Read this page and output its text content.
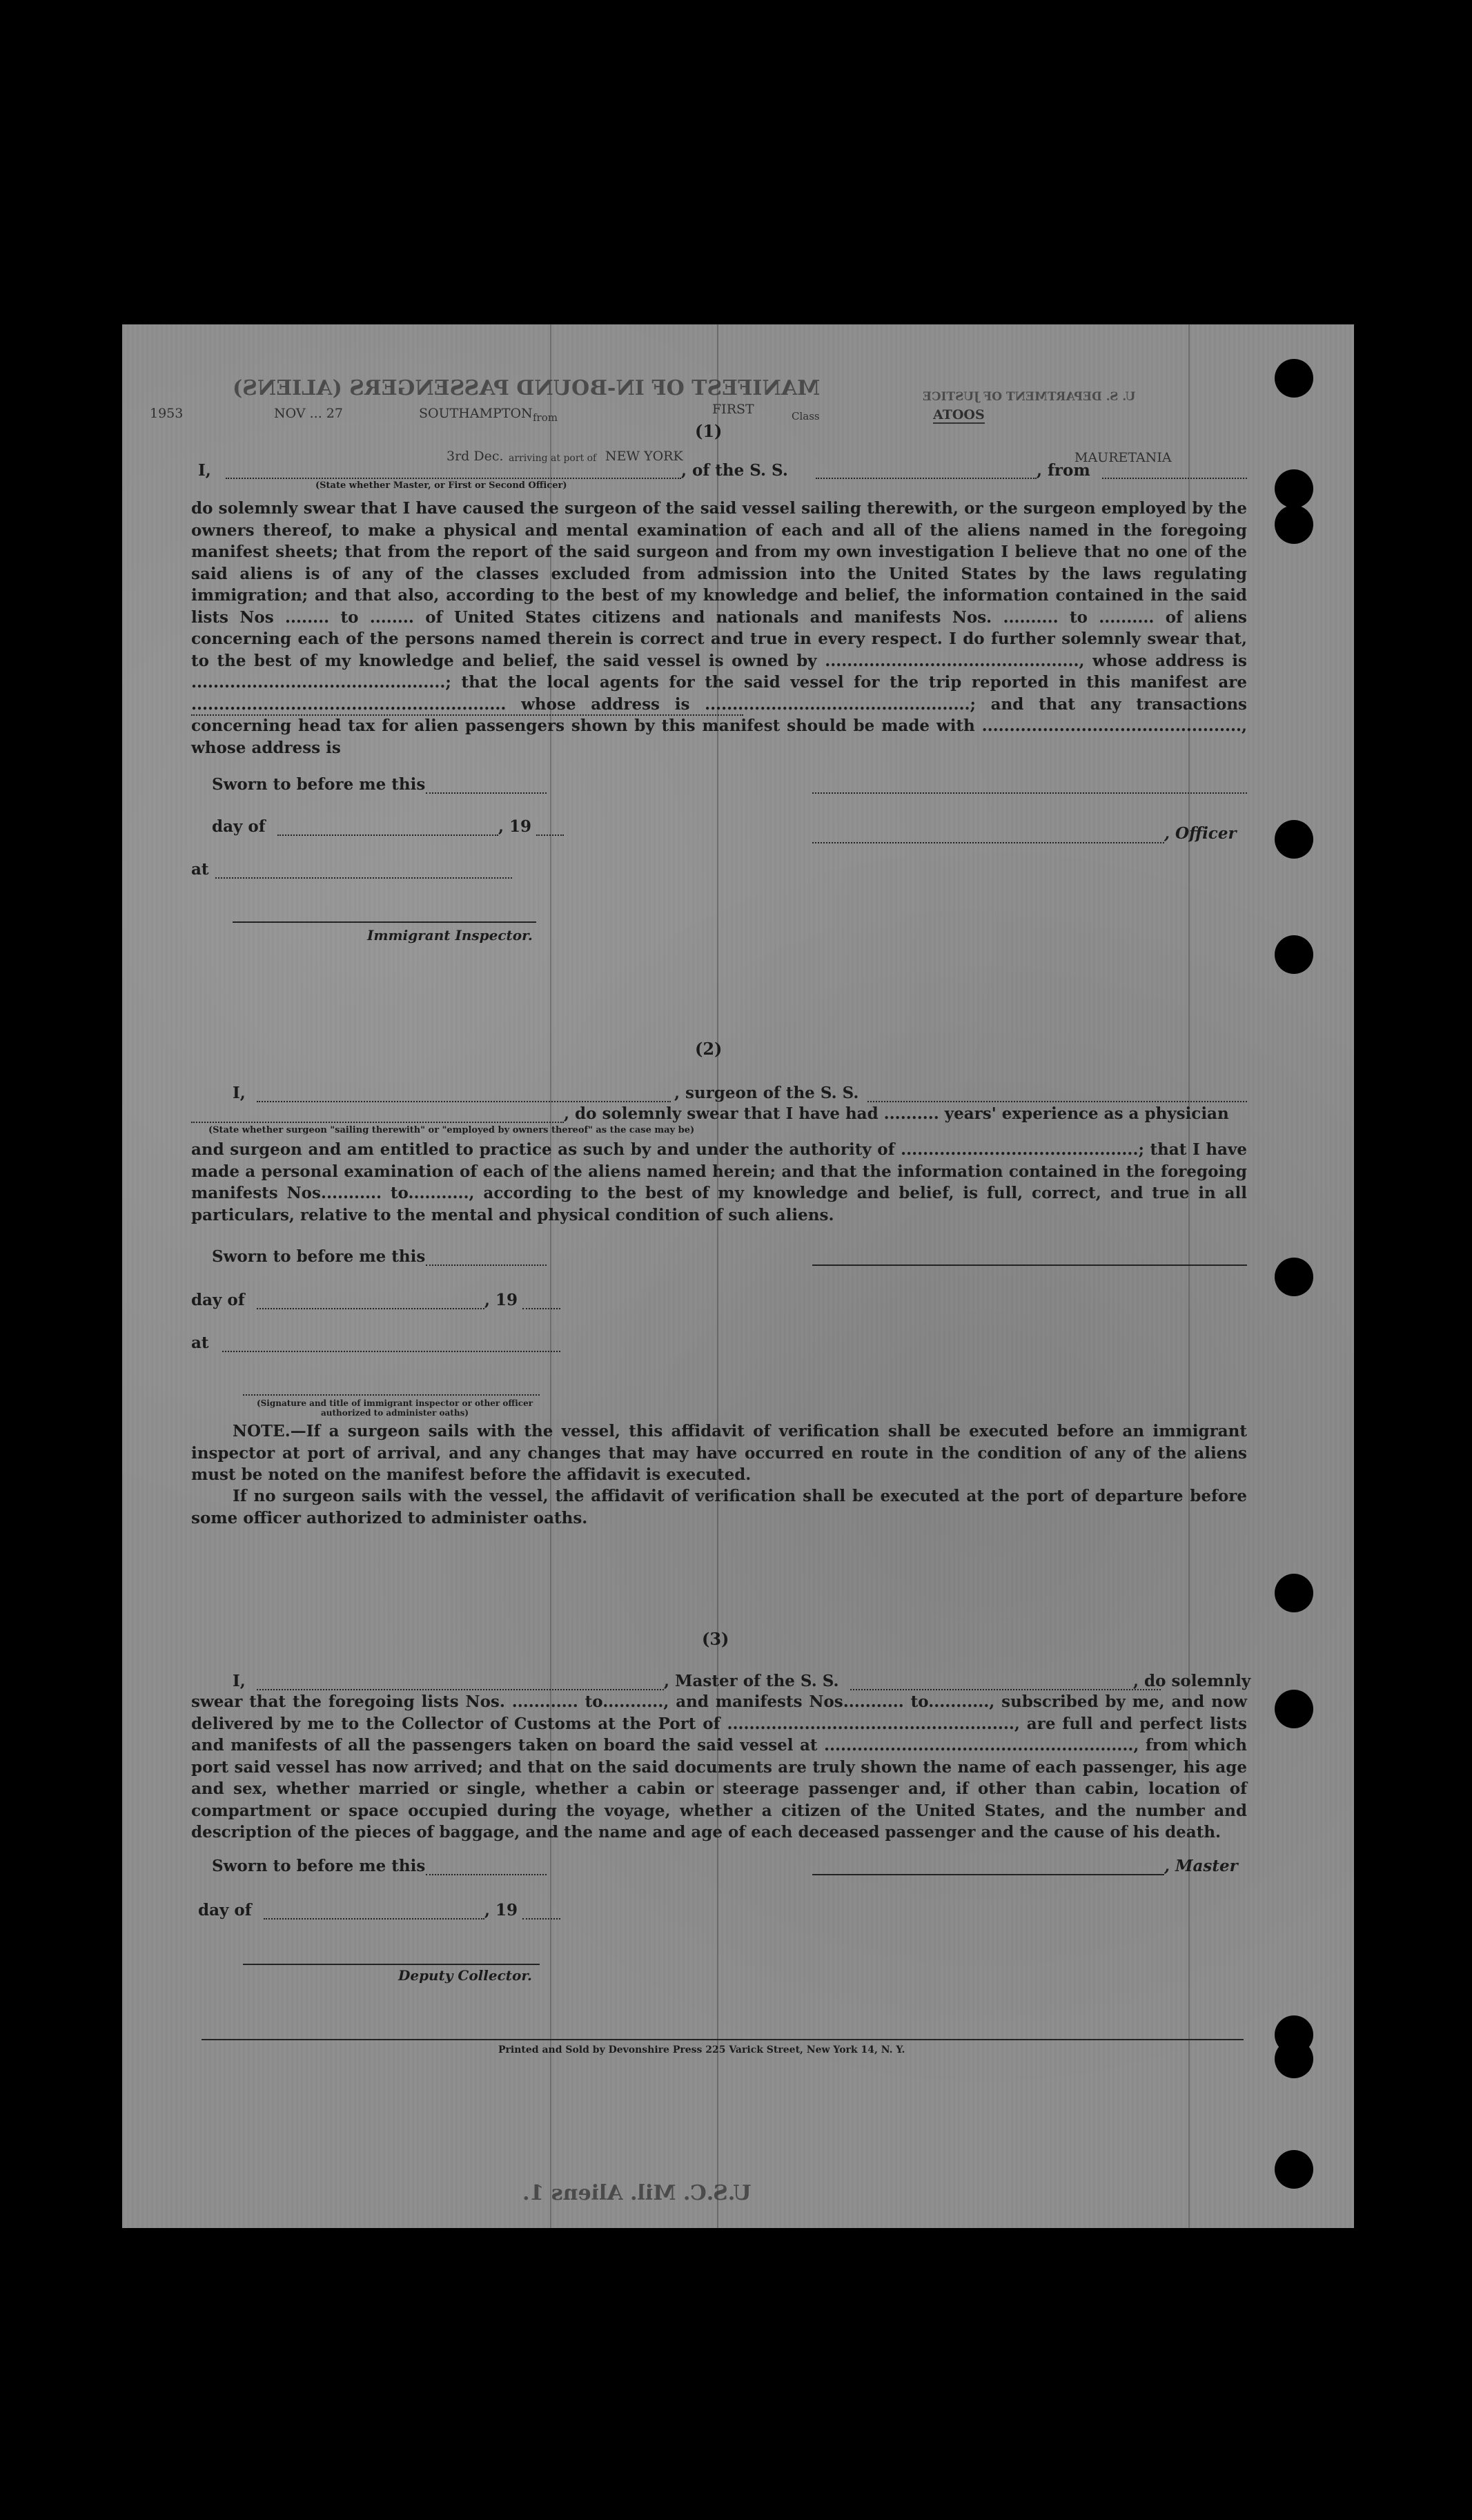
MANIFEST OF IN-BOUND PASSENGERS (ALIENS)	U. S. DEPARTMENT OF JUSTICE
1953	NOV ... 27	from
SOUTHAMPTON	FIRST	Class	ATOOS
(1)
MAURETANIA
3rd Dec. arriving at port of NEW YORK
I,
(State whether Master, or First or Second Officer)
, of the S. S.	, from
do solemnly swear that I have caused the surgeon of the said vessel sailing therewith, or the surgeon employed by the owners thereof, to make a physical and mental examination of each and all of the aliens named in the foregoing manifest sheets; that from the report of the said surgeon and from my own investigation I believe that no one of the said aliens is of any of the classes excluded from admission into the United States by the laws regulating immigration; and that also, according to the best of my knowledge and belief, the information contained in the said lists Nos ........ to ........ of United States citizens and nationals and manifests Nos. .......... to .......... of aliens concerning each of the persons named therein is correct and true in every respect. I do further solemnly swear that, to the best of my knowledge and belief, the said vessel is owned by .............................................., whose address is ..............................................; that the local agents for the said vessel for the trip reported in this manifest are ......................................................... whose address is ................................................; and that any transactions concerning head tax for alien passengers shown by this manifest should be made with ..............................................., whose address is
Sworn to before me this
day of	, 19	, Officer
at
Immigrant Inspector.
(2)
I,	, surgeon of the S. S.
, do solemnly swear that I have had .......... years' experience as a physician
(State whether surgeon "sailing therewith" or "employed by owners thereof" as the case may be)
and surgeon and am entitled to practice as such by and under the authority of ...........................................; that I have made a personal examination of each of the aliens named herein; and that the information contained in the foregoing manifests Nos........... to..........., according to the best of my knowledge and belief, is full, correct, and true in all particulars, relative to the mental and physical condition of such aliens.
Sworn to before me this
day of	, 19
at
(Signature and title of immigrant inspector or other officer authorized to administer oaths)
NOTE.—If a surgeon sails with the vessel, this affidavit of verification shall be executed before an immigrant inspector at port of arrival, and any changes that may have occurred en route in the condition of any of the aliens must be noted on the manifest before the affidavit is executed.
If no surgeon sails with the vessel, the affidavit of verification shall be executed at the port of departure before some officer authorized to administer oaths.
(3)
I,	, Master of the S. S.	, do solemnly
swear that the foregoing lists Nos. ............ to..........., and manifests Nos........... to..........., subscribed by me, and now delivered by me to the Collector of Customs at the Port of ...................................................., are full and perfect lists and manifests of all the passengers taken on board the said vessel at ........................................................, from which port said vessel has now arrived; and that on the said documents are truly shown the name of each passenger, his age and sex, whether married or single, whether a cabin or steerage passenger and, if other than cabin, location of compartment or space occupied during the voyage, whether a citizen of the United States, and the number and description of the pieces of baggage, and the name and age of each deceased passenger and the cause of his death.
Sworn to before me this	, Master
day of	, 19
Deputy Collector.
Printed and Sold by Devonshire Press 225 Varick Street, New York 14, N. Y.
U.S.C. Mil. Aliens 1.
